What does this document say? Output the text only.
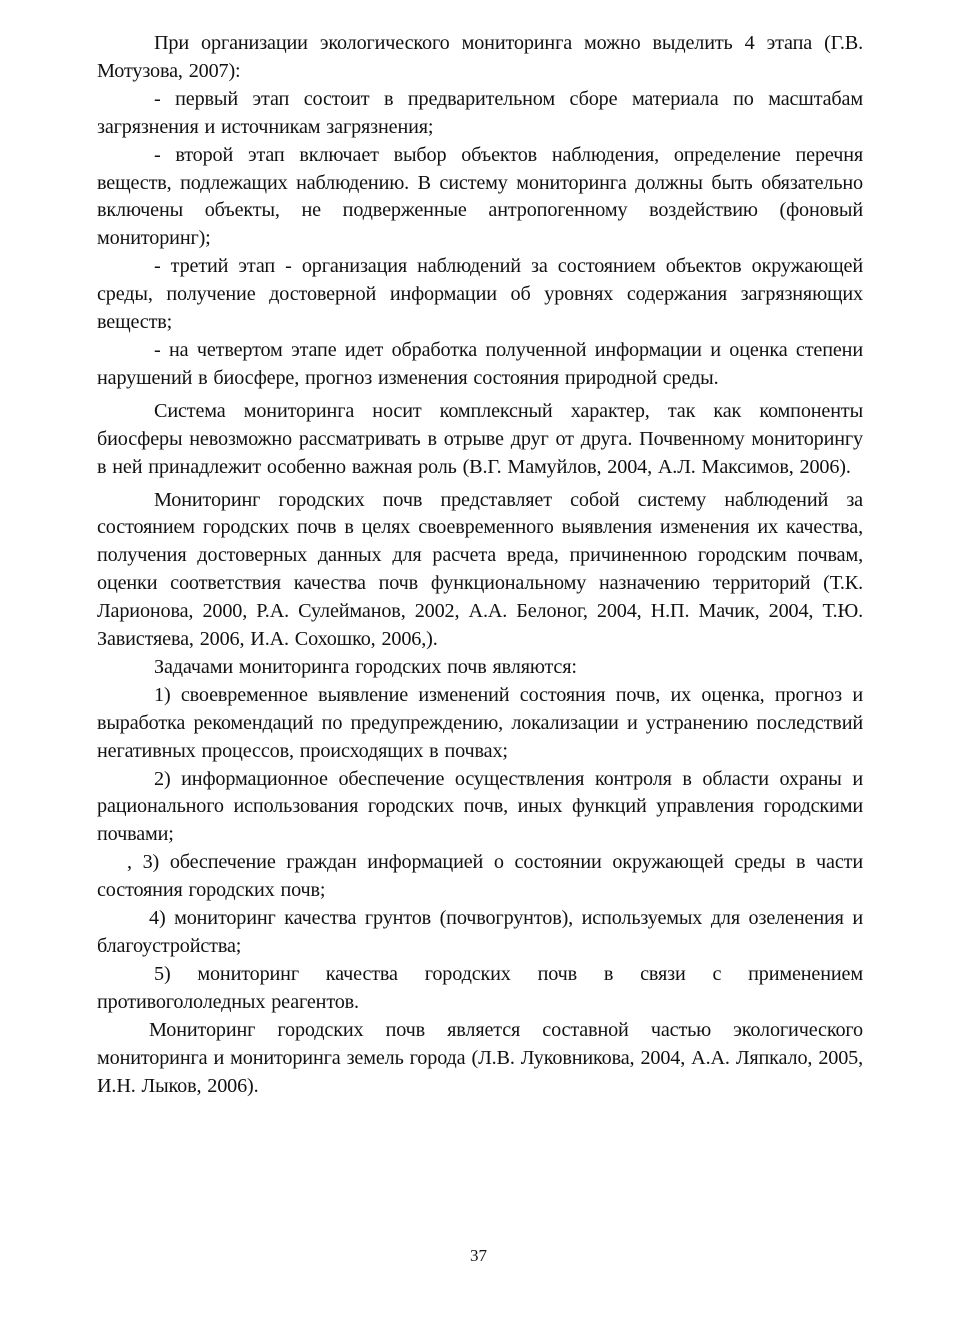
При организации экологического мониторинга можно выделить 4 этапа (Г.В. Мотузова, 2007):

- первый этап состоит в предварительном сборе материала по масштабам загрязнения и источникам загрязнения;

- второй этап включает выбор объектов наблюдения, определение перечня веществ, подлежащих наблюдению. В систему мониторинга должны быть обязательно включены объекты, не подверженные антропогенному воздействию (фоновый мониторинг);

- третий этап - организация наблюдений за состоянием объектов окружающей среды, получение достоверной информации об уровнях содержания загрязняющих веществ;

- на четвертом этапе идет обработка полученной информации и оценка степени нарушений в биосфере, прогноз изменения состояния природной среды.

Система мониторинга носит комплексный характер, так как компоненты биосферы невозможно рассматривать в отрыве друг от друга. Почвенному мониторингу в ней принадлежит особенно важная роль (В.Г. Мамуйлов, 2004, А.Л. Максимов, 2006).

Мониторинг городских почв представляет собой систему наблюдений за состоянием городских почв в целях своевременного выявления изменения их качества, получения достоверных данных для расчета вреда, причиненною городским почвам, оценки соответствия качества почв функциональному назначению территорий (Т.К. Ларионова, 2000, Р.А. Сулейманов, 2002, А.А. Белоног, 2004, Н.П. Мачик, 2004, Т.Ю. Завистяева, 2006, И.А. Сохошко, 2006,).

Задачами мониторинга городских почв являются:

1) своевременное выявление изменений состояния почв, их оценка, прогноз и выработка рекомендаций по предупреждению, локализации и устранению последствий негативных процессов, происходящих в почвах;

2) информационное обеспечение осуществления контроля в области охраны и рационального использования городских почв, иных функций управления городскими почвами;

, 3) обеспечение граждан информацией о состоянии окружающей среды в части состояния городских почв;

4) мониторинг качества грунтов (почвогрунтов), используемых для озеленения и благоустройства;

5) мониторинг качества городских почв в связи с применением противогололедных реагентов.

Мониторинг городских почв является составной частью экологического мониторинга и мониторинга земель города (Л.В. Луковникова, 2004, А.А. Ляпкало, 2005, И.Н. Лыков, 2006).

37
